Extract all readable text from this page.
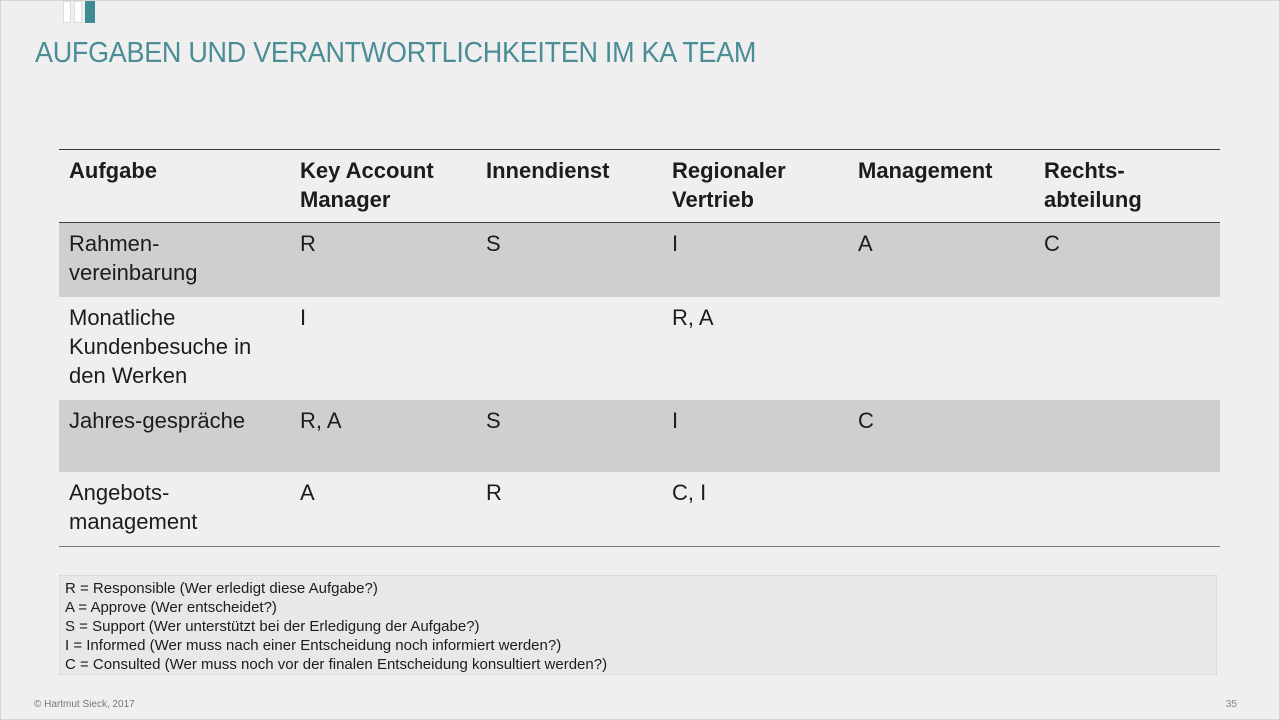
AUFGABEN UND VERANTWORTLICHKEITEN IM KA TEAM
Aufgabe	Key Account Manager	Innendienst	Regionaler Vertrieb	Management	Rechts-abteilung
Rahmen-vereinbarung	R	S	I	A	C
Monatliche Kundenbesuche in den Werken	I		R, A		
Jahres-gespräche	R, A	S	I	C	
Angebots-management	A	R	C, I		
R = Responsible (Wer erledigt diese Aufgabe?)
A = Approve (Wer entscheidet?)
S = Support (Wer unterstützt bei der Erledigung der Aufgabe?)
I = Informed (Wer muss nach einer Entscheidung noch informiert werden?)
C = Consulted (Wer muss noch vor der finalen Entscheidung konsultiert werden?)
© Hartmut Sieck, 2017	35
